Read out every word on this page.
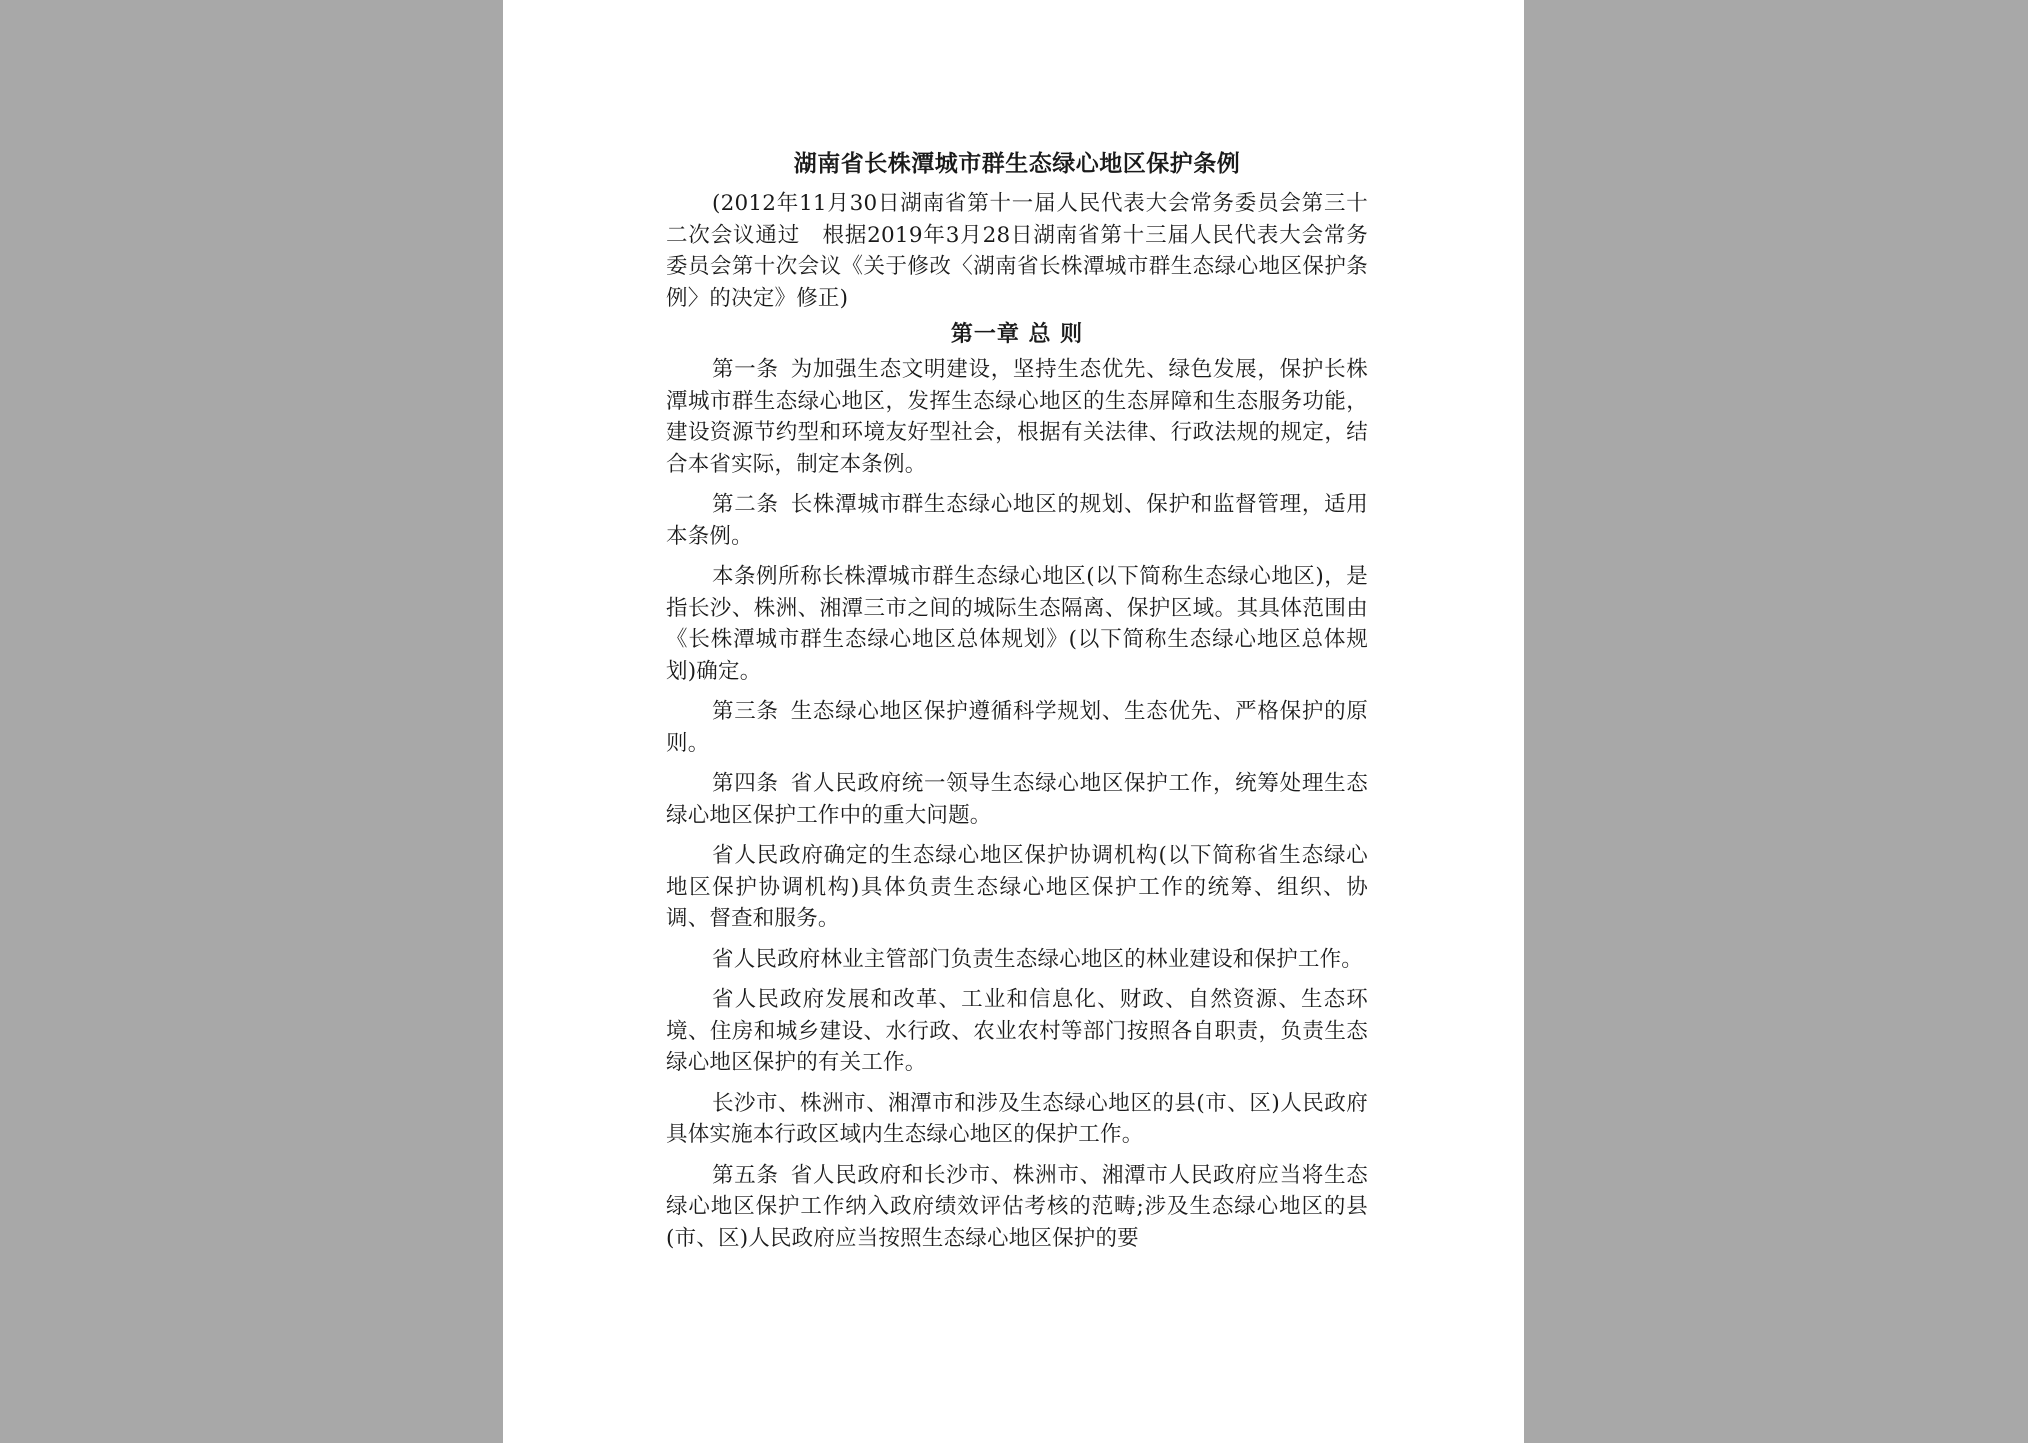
湖南省长株潭城市群生态绿心地区保护条例

(2012年11月30日湖南省第十一届人民代表大会常务委员会第三十二次会议通过　根据2019年3月28日湖南省第十三届人民代表大会常务委员会第十次会议《关于修改〈湖南省长株潭城市群生态绿心地区保护条例〉的决定》修正)

第一章 总 则

第一条 为加强生态文明建设，坚持生态优先、绿色发展，保护长株潭城市群生态绿心地区，发挥生态绿心地区的生态屏障和生态服务功能，建设资源节约型和环境友好型社会，根据有关法律、行政法规的规定，结合本省实际，制定本条例。

第二条 长株潭城市群生态绿心地区的规划、保护和监督管理，适用本条例。

本条例所称长株潭城市群生态绿心地区(以下简称生态绿心地区)，是指长沙、株洲、湘潭三市之间的城际生态隔离、保护区域。其具体范围由《长株潭城市群生态绿心地区总体规划》(以下简称生态绿心地区总体规划)确定。

第三条 生态绿心地区保护遵循科学规划、生态优先、严格保护的原则。

第四条 省人民政府统一领导生态绿心地区保护工作，统筹处理生态绿心地区保护工作中的重大问题。

省人民政府确定的生态绿心地区保护协调机构(以下简称省生态绿心地区保护协调机构)具体负责生态绿心地区保护工作的统筹、组织、协调、督查和服务。

省人民政府林业主管部门负责生态绿心地区的林业建设和保护工作。

省人民政府发展和改革、工业和信息化、财政、自然资源、生态环境、住房和城乡建设、水行政、农业农村等部门按照各自职责，负责生态绿心地区保护的有关工作。

长沙市、株洲市、湘潭市和涉及生态绿心地区的县(市、区)人民政府具体实施本行政区域内生态绿心地区的保护工作。

第五条 省人民政府和长沙市、株洲市、湘潭市人民政府应当将生态绿心地区保护工作纳入政府绩效评估考核的范畴;涉及生态绿心地区的县(市、区)人民政府应当按照生态绿心地区保护的要
